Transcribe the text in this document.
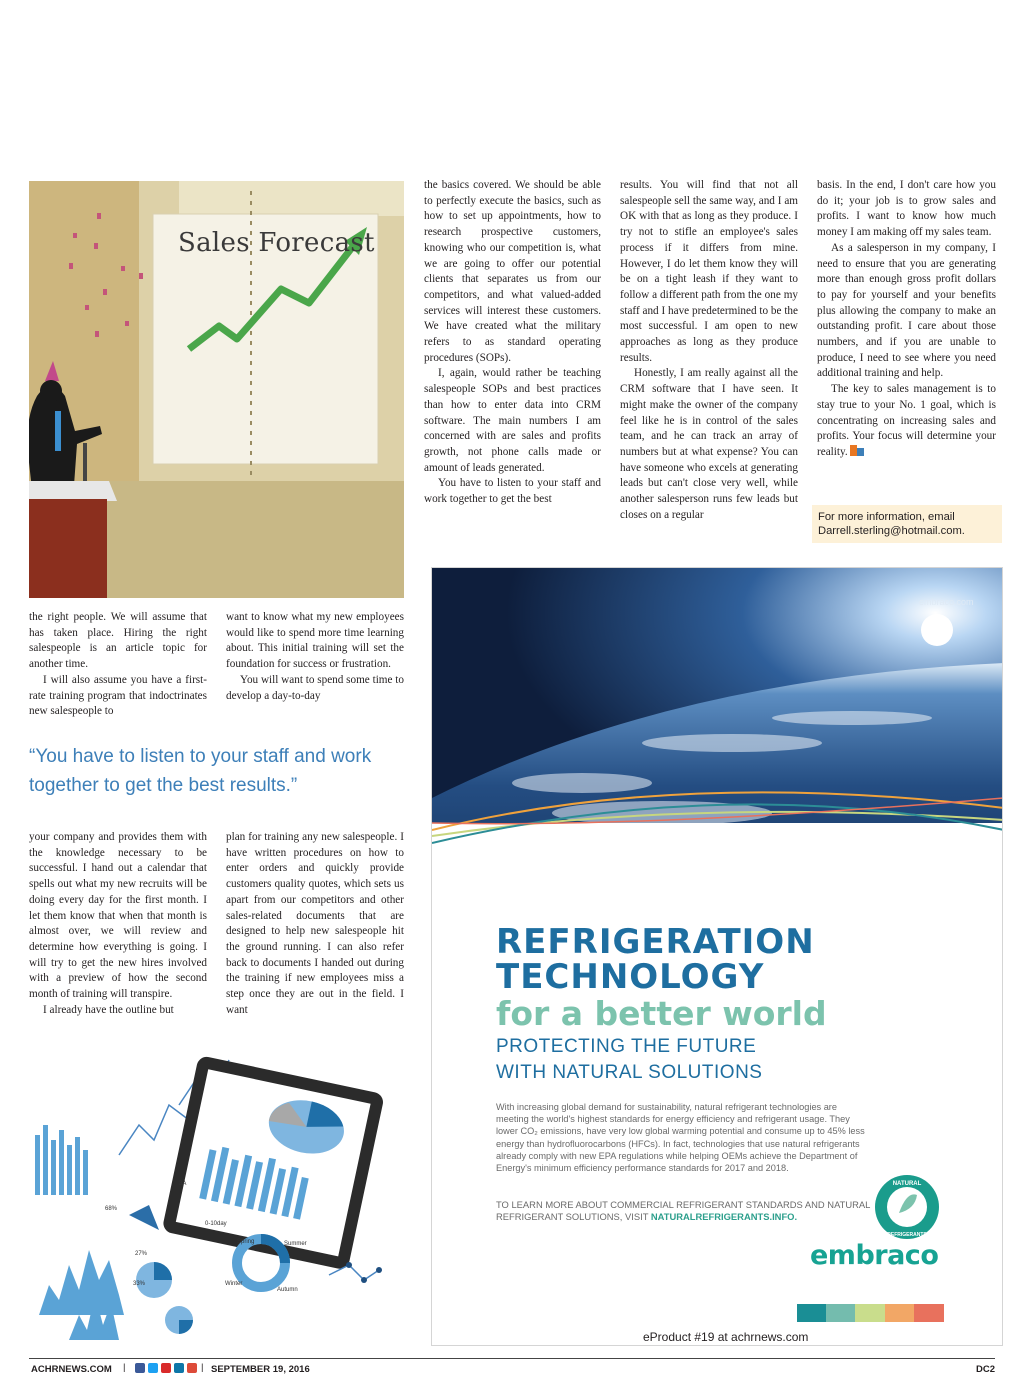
Sales Forecast

the basics covered. We should be able to perfectly execute the basics, such as how to set up appointments, how to research prospective customers, knowing who our competition is, what we are going to offer our potential clients that separates us from our competitors, and what valued-added services will interest these customers. We have created what the military refers to as standard operating procedures (SOPs).

I, again, would rather be teaching salespeople SOPs and best practices than how to enter data into CRM software. The main numbers I am concerned with are sales and profits growth, not phone calls made or amount of leads generated.

You have to listen to your staff and work together to get the best

results. You will find that not all salespeople sell the same way, and I am OK with that as long as they produce. I try not to stifle an employee's sales process if it differs from mine. However, I do let them know they will be on a tight leash if they want to follow a different path from the one my staff and I have predetermined to be the most successful. I am open to new approaches as long as they produce results.

Honestly, I am really against all the CRM software that I have seen. It might make the owner of the company feel like he is in control of the sales team, and he can track an array of numbers but at what expense? You can have someone who excels at generating leads but can't close very well, while another salesperson runs few leads but closes on a regular

basis. In the end, I don't care how you do it; your job is to grow sales and profits. I want to know how much money I am making off my sales team.

As a salesperson in my company, I need to ensure that you are generating more than enough gross profit dollars to pay for yourself and your benefits plus allowing the company to make an outstanding profit. I care about those numbers, and if you are unable to produce, I need to see where you need additional training and help.

The key to sales management is to stay true to your No. 1 goal, which is concentrating on increasing sales and profits. Your focus will determine your reality.

For more information, email
Darrell.sterling@hotmail.com.

the right people. We will assume that has taken place. Hiring the right salespeople is an article topic for another time.

I will also assume you have a first-rate training program that indoctrinates new salespeople to

want to know what my new employees would like to spend more time learning about. This initial training will set the foundation for success or frustration.

You will want to spend some time to develop a day-to-day

“You have to listen to your staff and work together to get the best results.”

your company and provides them with the knowledge necessary to be successful. I hand out a calendar that spells out what my new recruits will be doing every day for the first month. I let them know that when that month is almost over, we will review and determine how everything is going. I will try to get the new hires involved with a preview of how the second month of training will transpire.

I already have the outline but

plan for training any new salespeople. I have written procedures on how to enter orders and quickly provide customers quality quotes, which sets us apart from our competitors and other sales-related documents that are designed to help new salespeople hit the ground running. I can also refer back to documents I handed out during the training if new employees miss a step once they are out in the field. I want

68%
27%
33%
3A
0-10day
Spring	Summer
Autumn
Winter
embraco.com
REFRIGERATION
TECHNOLOGY
for a better world
PROTECTING THE FUTURE
WITH NATURAL SOLUTIONS
With increasing global demand for sustainability, natural refrigerant technologies are meeting the world's highest standards for energy efficiency and refrigerant usage. They lower CO₂ emissions, have very low global warming potential and consume up to 45% less energy than hydrofluorocarbons (HFCs). In fact, technologies that use natural refrigerants already comply with new EPA regulations while helping OEMs achieve the Department of Energy's minimum efficiency performance standards for 2017 and 2018.
TO LEARN MORE ABOUT COMMERCIAL REFRIGERANT STANDARDS AND NATURAL REFRIGERANT SOLUTIONS, VISIT NATURALREFRIGERANTS.INFO.
NATURAL
REFRIGERANTS
embraco
eProduct #19 at achrnews.com
ACHRNEWS.COM |	| SEPTEMBER 19, 2016	DC2
